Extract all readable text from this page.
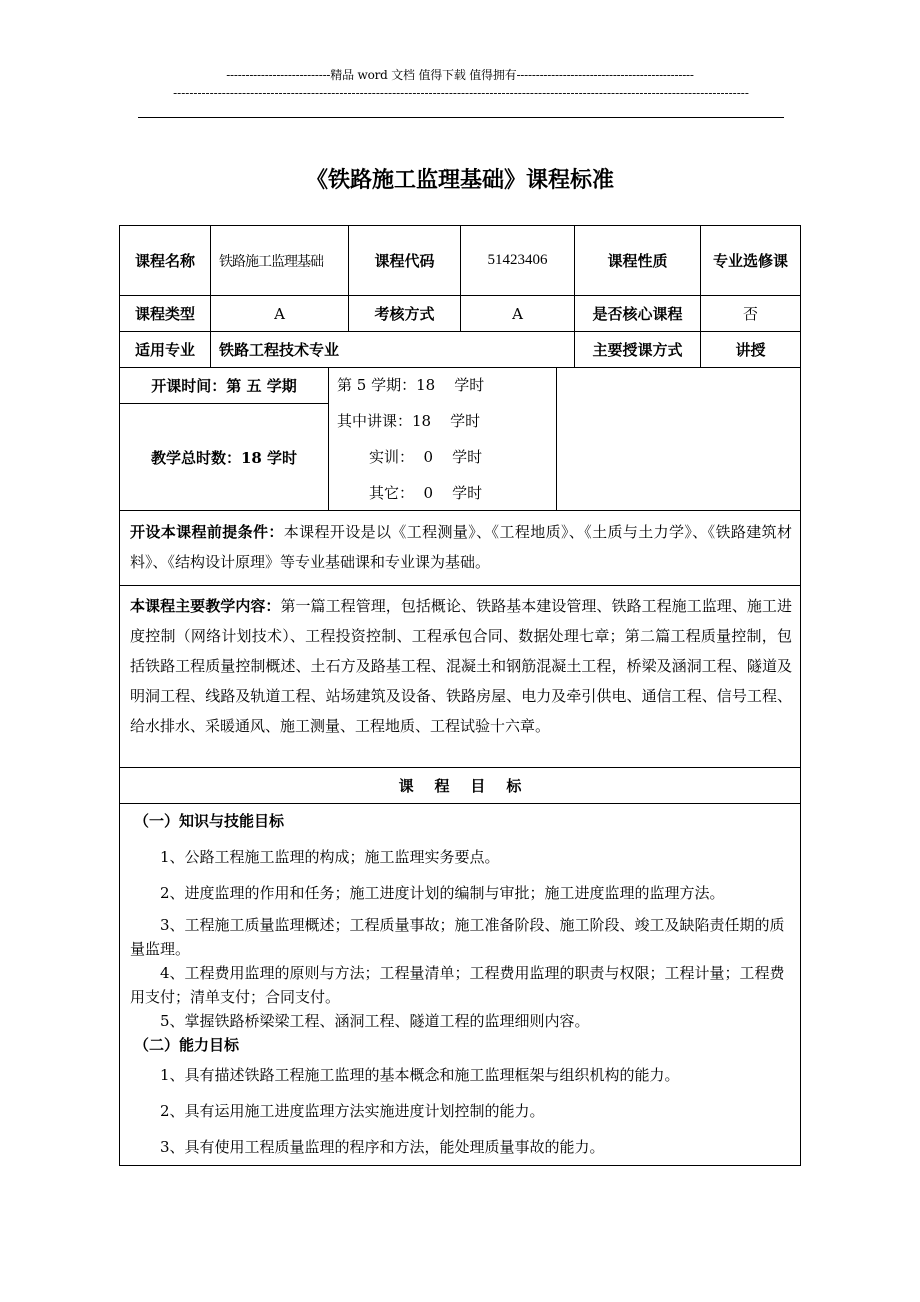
---------------------------精品 word 文档 值得下载 值得拥有----------------------------------------------
----------------------------------------------------------------------------------------------------------------------------------------------
《铁路施工监理基础》课程标准
课程名称	铁路施工监理基础	课程代码	51423406	课程性质	专业选修课
课程类型	A	考核方式	A	是否核心课程	否
适用专业	铁路工程技术专业	主要授课方式	讲授
开课时间：第 五 学期
教学总时数：18 学时
第 5 学期：18    学时
其中讲课：18    学时
实训：  0    学时
其它：  0    学时
开设本课程前提条件：本课程开设是以《工程测量》、《工程地质》、《土质与土力学》、《铁路建筑材料》、《结构设计原理》等专业基础课和专业课为基础。
本课程主要教学内容：第一篇工程管理，包括概论、铁路基本建设管理、铁路工程施工监理、施工进度控制（网络计划技术）、工程投资控制、工程承包合同、数据处理七章；第二篇工程质量控制，包括铁路工程质量控制概述、土石方及路基工程、混凝土和钢筋混凝土工程，桥梁及涵洞工程、隧道及明洞工程、线路及轨道工程、站场建筑及设备、铁路房屋、电力及牵引供电、通信工程、信号工程、给水排水、采暖通风、施工测量、工程地质、工程试验十六章。
课    程    目    标
（一）知识与技能目标
1、公路工程施工监理的构成；施工监理实务要点。
2、进度监理的作用和任务；施工进度计划的编制与审批；施工进度监理的监理方法。
3、工程施工质量监理概述；工程质量事故；施工准备阶段、施工阶段、竣工及缺陷责任期的质量监理。
4、工程费用监理的原则与方法；工程量清单；工程费用监理的职责与权限；工程计量；工程费用支付；清单支付；合同支付。
5、掌握铁路桥梁梁工程、涵洞工程、隧道工程的监理细则内容。
（二）能力目标
1、具有描述铁路工程施工监理的基本概念和施工监理框架与组织机构的能力。
2、具有运用施工进度监理方法实施进度计划控制的能力。
3、具有使用工程质量监理的程序和方法，能处理质量事故的能力。
